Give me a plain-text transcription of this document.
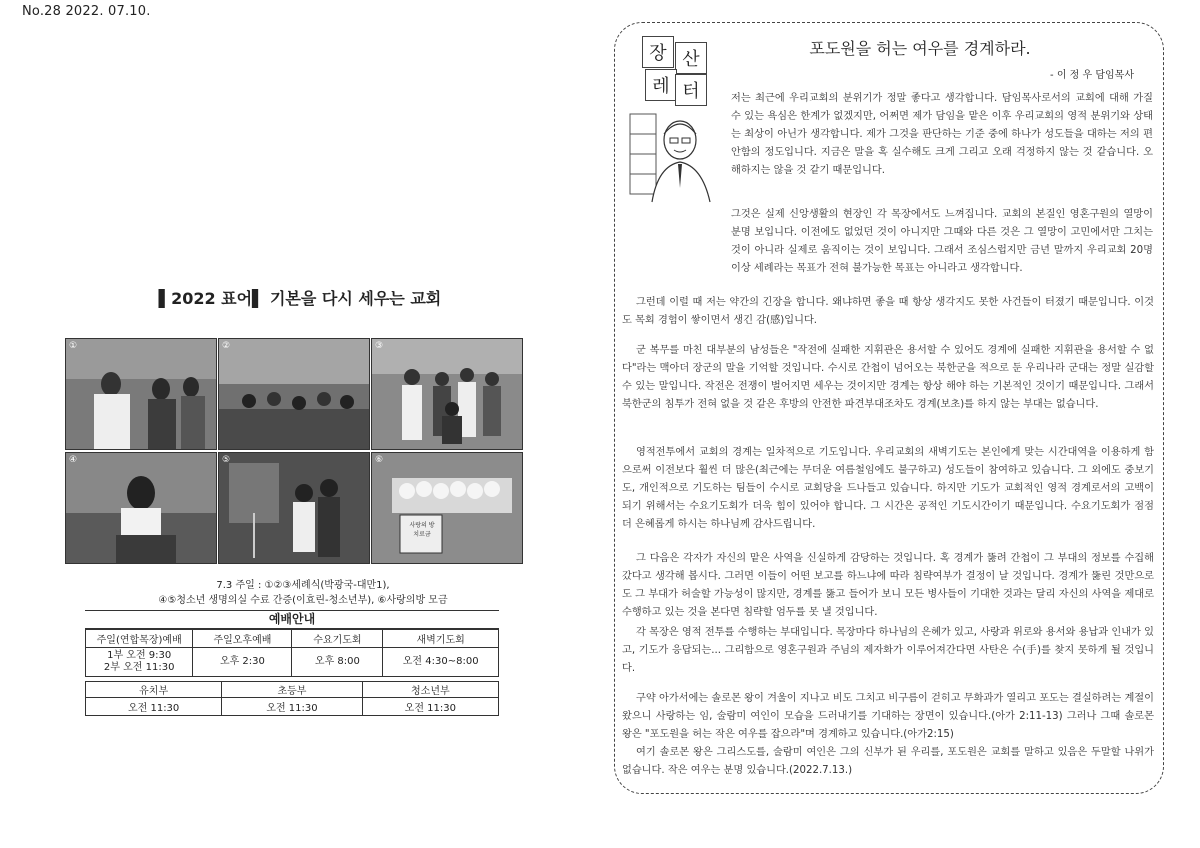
No.28 2022. 07.10.
▌2022 표어▌ 기본을 다시 세우는 교회
①	②	③
④	⑤	⑥
사랑의 방
치료금
7.3 주일 : ①②③세례식(박광국-대만1),
④⑤청소년 생명의실 수료 간증(이효린-청소년부), ⑥사랑의방 모금
예배안내
주일(연합목장)예배	주일오후예배	수요기도회	새벽기도회
1부 오전 9:30
2부 오전 11:30	오후 2:30	오후 8:00	오전 4:30~8:00
유치부	초등부	청소년부
오전 11:30	오전 11:30	오전 11:30
장 산
레 터
포도원을 허는 여우를 경계하라.
- 이 정 우 담임목사
저는 최근에 우리교회의 분위기가 정말 좋다고 생각합니다. 담임목사로서의 교회에 대해 가질 수 있는 욕심은 한계가 없겠지만, 어쩌면 제가 담임을 맡은 이후 우리교회의 영적 분위기와 상태는 최상이 아닌가 생각합니다. 제가 그것을 판단하는 기준 중에 하나가 성도들을 대하는 저의 편안함의 정도입니다. 지금은 말을 혹 실수해도 크게 그리고 오래 걱정하지 않는 것 같습니다. 오해하지는 않을 것 같기 때문입니다.
그것은 실제 신앙생활의 현장인 각 목장에서도 느껴집니다. 교회의 본질인 영혼구원의 열망이 분명 보입니다. 이전에도 없었던 것이 아니지만 그때와 다른 것은 그 열망이 고민에서만 그치는 것이 아니라 실제로 움직이는 것이 보입니다. 그래서 조심스럽지만 금년 말까지 우리교회 20명 이상 세례라는 목표가 전혀 불가능한 목표는 아니라고 생각합니다.
그런데 이럴 때 저는 약간의 긴장을 합니다. 왜냐하면 좋을 때 항상 생각지도 못한 사건들이 터졌기 때문입니다. 이것도 목회 경험이 쌓이면서 생긴 감(感)입니다.
군 복무를 마친 대부분의 남성들은 "작전에 실패한 지휘관은 용서할 수 있어도 경계에 실패한 지휘관을 용서할 수 없다"라는 맥아더 장군의 말을 기억할 것입니다. 수시로 간첩이 넘어오는 북한군을 적으로 둔 우리나라 군대는 정말 실감할 수 있는 말입니다. 작전은 전쟁이 벌어지면 세우는 것이지만 경계는 항상 해야 하는 기본적인 것이기 때문입니다. 그래서 북한군의 침투가 전혀 없을 것 같은 후방의 안전한 파견부대조차도 경계(보초)를 하지 않는 부대는 없습니다.
영적전투에서 교회의 경계는 일차적으로 기도입니다. 우리교회의 새벽기도는 본인에게 맞는 시간대역을 이용하게 함으로써 이전보다 훨씬 더 많은(최근에는 무더운 여름철임에도 불구하고) 성도들이 참여하고 있습니다. 그 외에도 중보기도, 개인적으로 기도하는 팀들이 수시로 교회당을 드나들고 있습니다. 하지만 기도가 교회적인 영적 경계로서의 고백이 되기 위해서는 수요기도회가 더욱 힘이 있어야 합니다. 그 시간은 공적인 기도시간이기 때문입니다. 수요기도회가 점점 더 은혜롭게 하시는 하나님께 감사드립니다.
그 다음은 각자가 자신의 맡은 사역을 신실하게 감당하는 것입니다. 혹 경계가 뚫려 간첩이 그 부대의 정보를 수집해 갔다고 생각해 봅시다. 그러면 이들이 어떤 보고를 하느냐에 따라 침략여부가 결정이 날 것입니다. 경계가 뚫린 것만으로도 그 부대가 허술할 가능성이 많지만, 경계를 뚫고 들어가 보니 모든 병사들이 기대한 것과는 달리 자신의 사역을 제대로 수행하고 있는 것을 본다면 침략할 엄두를 못 낼 것입니다.
각 목장은 영적 전투를 수행하는 부대입니다. 목장마다 하나님의 은혜가 있고, 사랑과 위로와 용서와 용납과 인내가 있고, 기도가 응답되는... 그리함으로 영혼구원과 주님의 제자화가 이루어져간다면 사탄은 수(手)를 찾지 못하게 될 것입니다.
구약 아가서에는 솔로몬 왕이 겨울이 지나고 비도 그치고 비구름이 걷히고 무화과가 열리고 포도는 결실하려는 계절이 왔으니 사랑하는 임, 술람미 여인이 모습을 드러내기를 기대하는 장면이 있습니다.(아가 2:11-13) 그러나 그때 솔로몬 왕은 "포도원을 허는 작은 여우를 잡으라"며 경계하고 있습니다.(아가2:15)
여기 솔로몬 왕은 그리스도를, 술람미 여인은 그의 신부가 된 우리를, 포도원은 교회를 말하고 있음은 두말할 나위가 없습니다. 작은 여우는 분명 있습니다.(2022.7.13.)
